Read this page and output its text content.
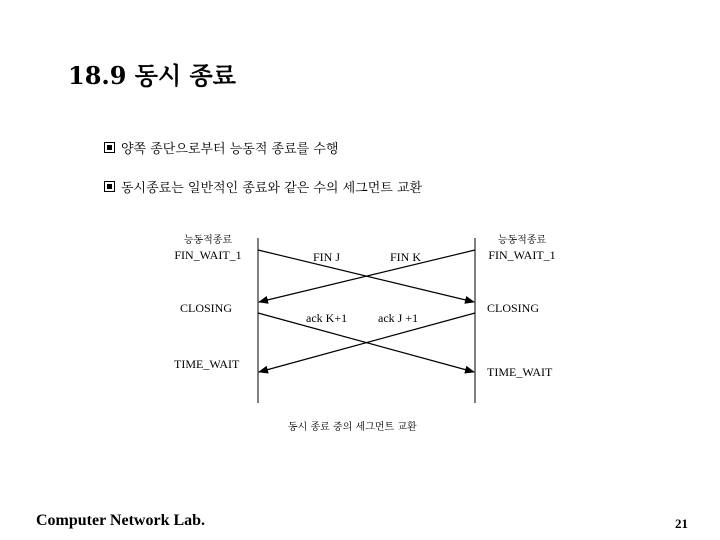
18.9 동시 종료
양쪽 종단으로부터 능동적 종료를 수행
동시종료는 일반적인 종료와 같은 수의 세그먼트 교환
능동적종료
FIN_WAIT_1
CLOSING
TIME_WAIT
능동적종료
FIN_WAIT_1
CLOSING
TIME_WAIT
FIN J	FIN K
ack K+1	ack J +1
동시 종료 중의 세그먼트 교환
Computer Network Lab.	21
